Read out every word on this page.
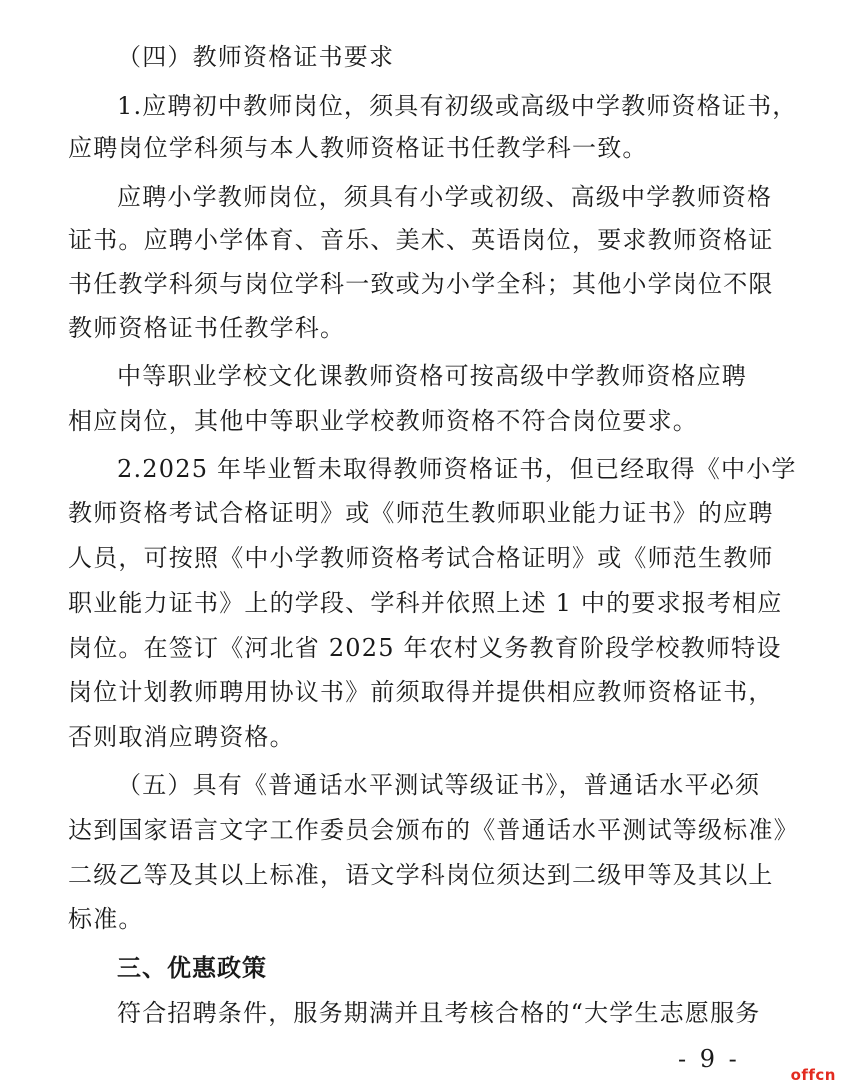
（四）教师资格证书要求
1.应聘初中教师岗位，须具有初级或高级中学教师资格证书，
应聘岗位学科须与本人教师资格证书任教学科一致。
应聘小学教师岗位，须具有小学或初级、高级中学教师资格
证书。应聘小学体育、音乐、美术、英语岗位，要求教师资格证
书任教学科须与岗位学科一致或为小学全科；其他小学岗位不限
教师资格证书任教学科。
中等职业学校文化课教师资格可按高级中学教师资格应聘
相应岗位，其他中等职业学校教师资格不符合岗位要求。
2.2025 年毕业暂未取得教师资格证书，但已经取得《中小学
教师资格考试合格证明》或《师范生教师职业能力证书》的应聘
人员，可按照《中小学教师资格考试合格证明》或《师范生教师
职业能力证书》上的学段、学科并依照上述 1 中的要求报考相应
岗位。在签订《河北省 2025 年农村义务教育阶段学校教师特设
岗位计划教师聘用协议书》前须取得并提供相应教师资格证书，
否则取消应聘资格。
（五）具有《普通话水平测试等级证书》，普通话水平必须
达到国家语言文字工作委员会颁布的《普通话水平测试等级标准》
二级乙等及其以上标准，语文学科岗位须达到二级甲等及其以上
标准。
三、优惠政策
符合招聘条件，服务期满并且考核合格的“大学生志愿服务
- 9 -
offcn
